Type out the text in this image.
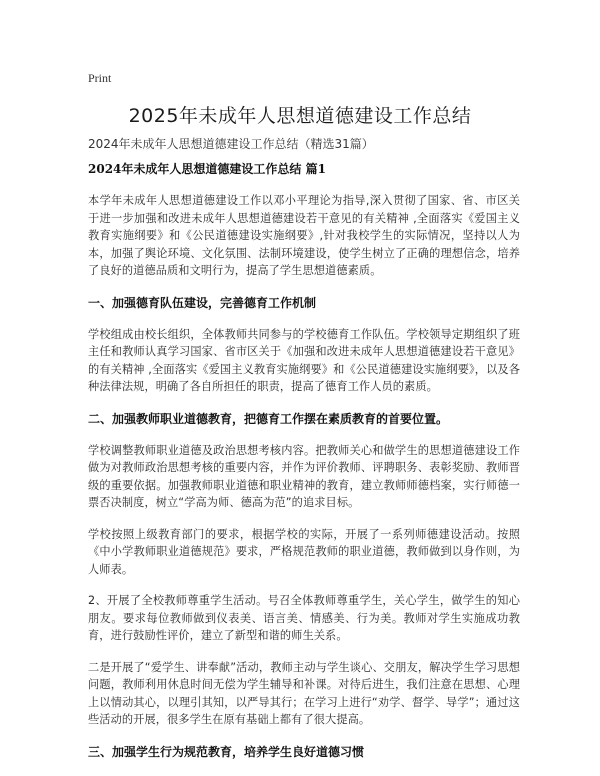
Print
2025年未成年人思想道德建设工作总结
2024年未成年人思想道德建设工作总结（精选31篇）
2024年未成年人思想道德建设工作总结 篇1

本学年未成年人思想道德建设工作以邓小平理论为指导,深入贯彻了国家、省、市区关于进一步加强和改进未成年人思想道德建设若干意见的有关精神 ,全面落实《爱国主义教育实施纲要》和《公民道德建设实施纲要》,针对我校学生的实际情况，坚持以人为本，加强了舆论环境、文化氛围、法制环境建设，使学生树立了正确的理想信念，培养了良好的道德品质和文明行为，提高了学生思想道德素质。

一、加强德育队伍建设，完善德育工作机制

学校组成由校长组织，全体教师共同参与的学校德育工作队伍。学校领导定期组织了班主任和教师认真学习国家、省市区关于《加强和改进未成年人思想道德建设若干意见》的有关精神 ,全面落实《爱国主义教育实施纲要》和《公民道德建设实施纲要》，以及各种法律法规，明确了各自所担任的职责，提高了德育工作人员的素质。

二、加强教师职业道德教育，把德育工作摆在素质教育的首要位置。

学校调整教师职业道德及政治思想考核内容。把教师关心和做学生的思想道德建设工作做为对教师政治思想考核的重要内容，并作为评价教师、评聘职务、表彰奖励、教师晋级的重要依据。加强教师职业道德和职业精神的教育，建立教师师德档案，实行师德一票否决制度，树立“学高为师、德高为范”的追求目标。

学校按照上级教育部门的要求，根据学校的实际，开展了一系列师德建设活动。按照《中小学教师职业道德规范》要求，严格规范教师的职业道德，教师做到以身作则，为人师表。

2、开展了全校教师尊重学生活动。号召全体教师尊重学生，关心学生，做学生的知心朋友。要求每位教师做到仪表美、语言美、情感美、行为美。教师对学生实施成功教育，进行鼓励性评价，建立了新型和谐的师生关系。

二是开展了“爱学生、讲奉献”活动，教师主动与学生谈心、交朋友，解决学生学习思想问题，教师利用休息时间无偿为学生辅导和补课。对待后进生，我们注意在思想、心理上以情动其心，以理引其知，以严导其行；在学习上进行“劝学、督学、导学”；通过这些活动的开展，很多学生在原有基础上都有了很大提高。

三、加强学生行为规范教育，培养学生良好道德习惯
